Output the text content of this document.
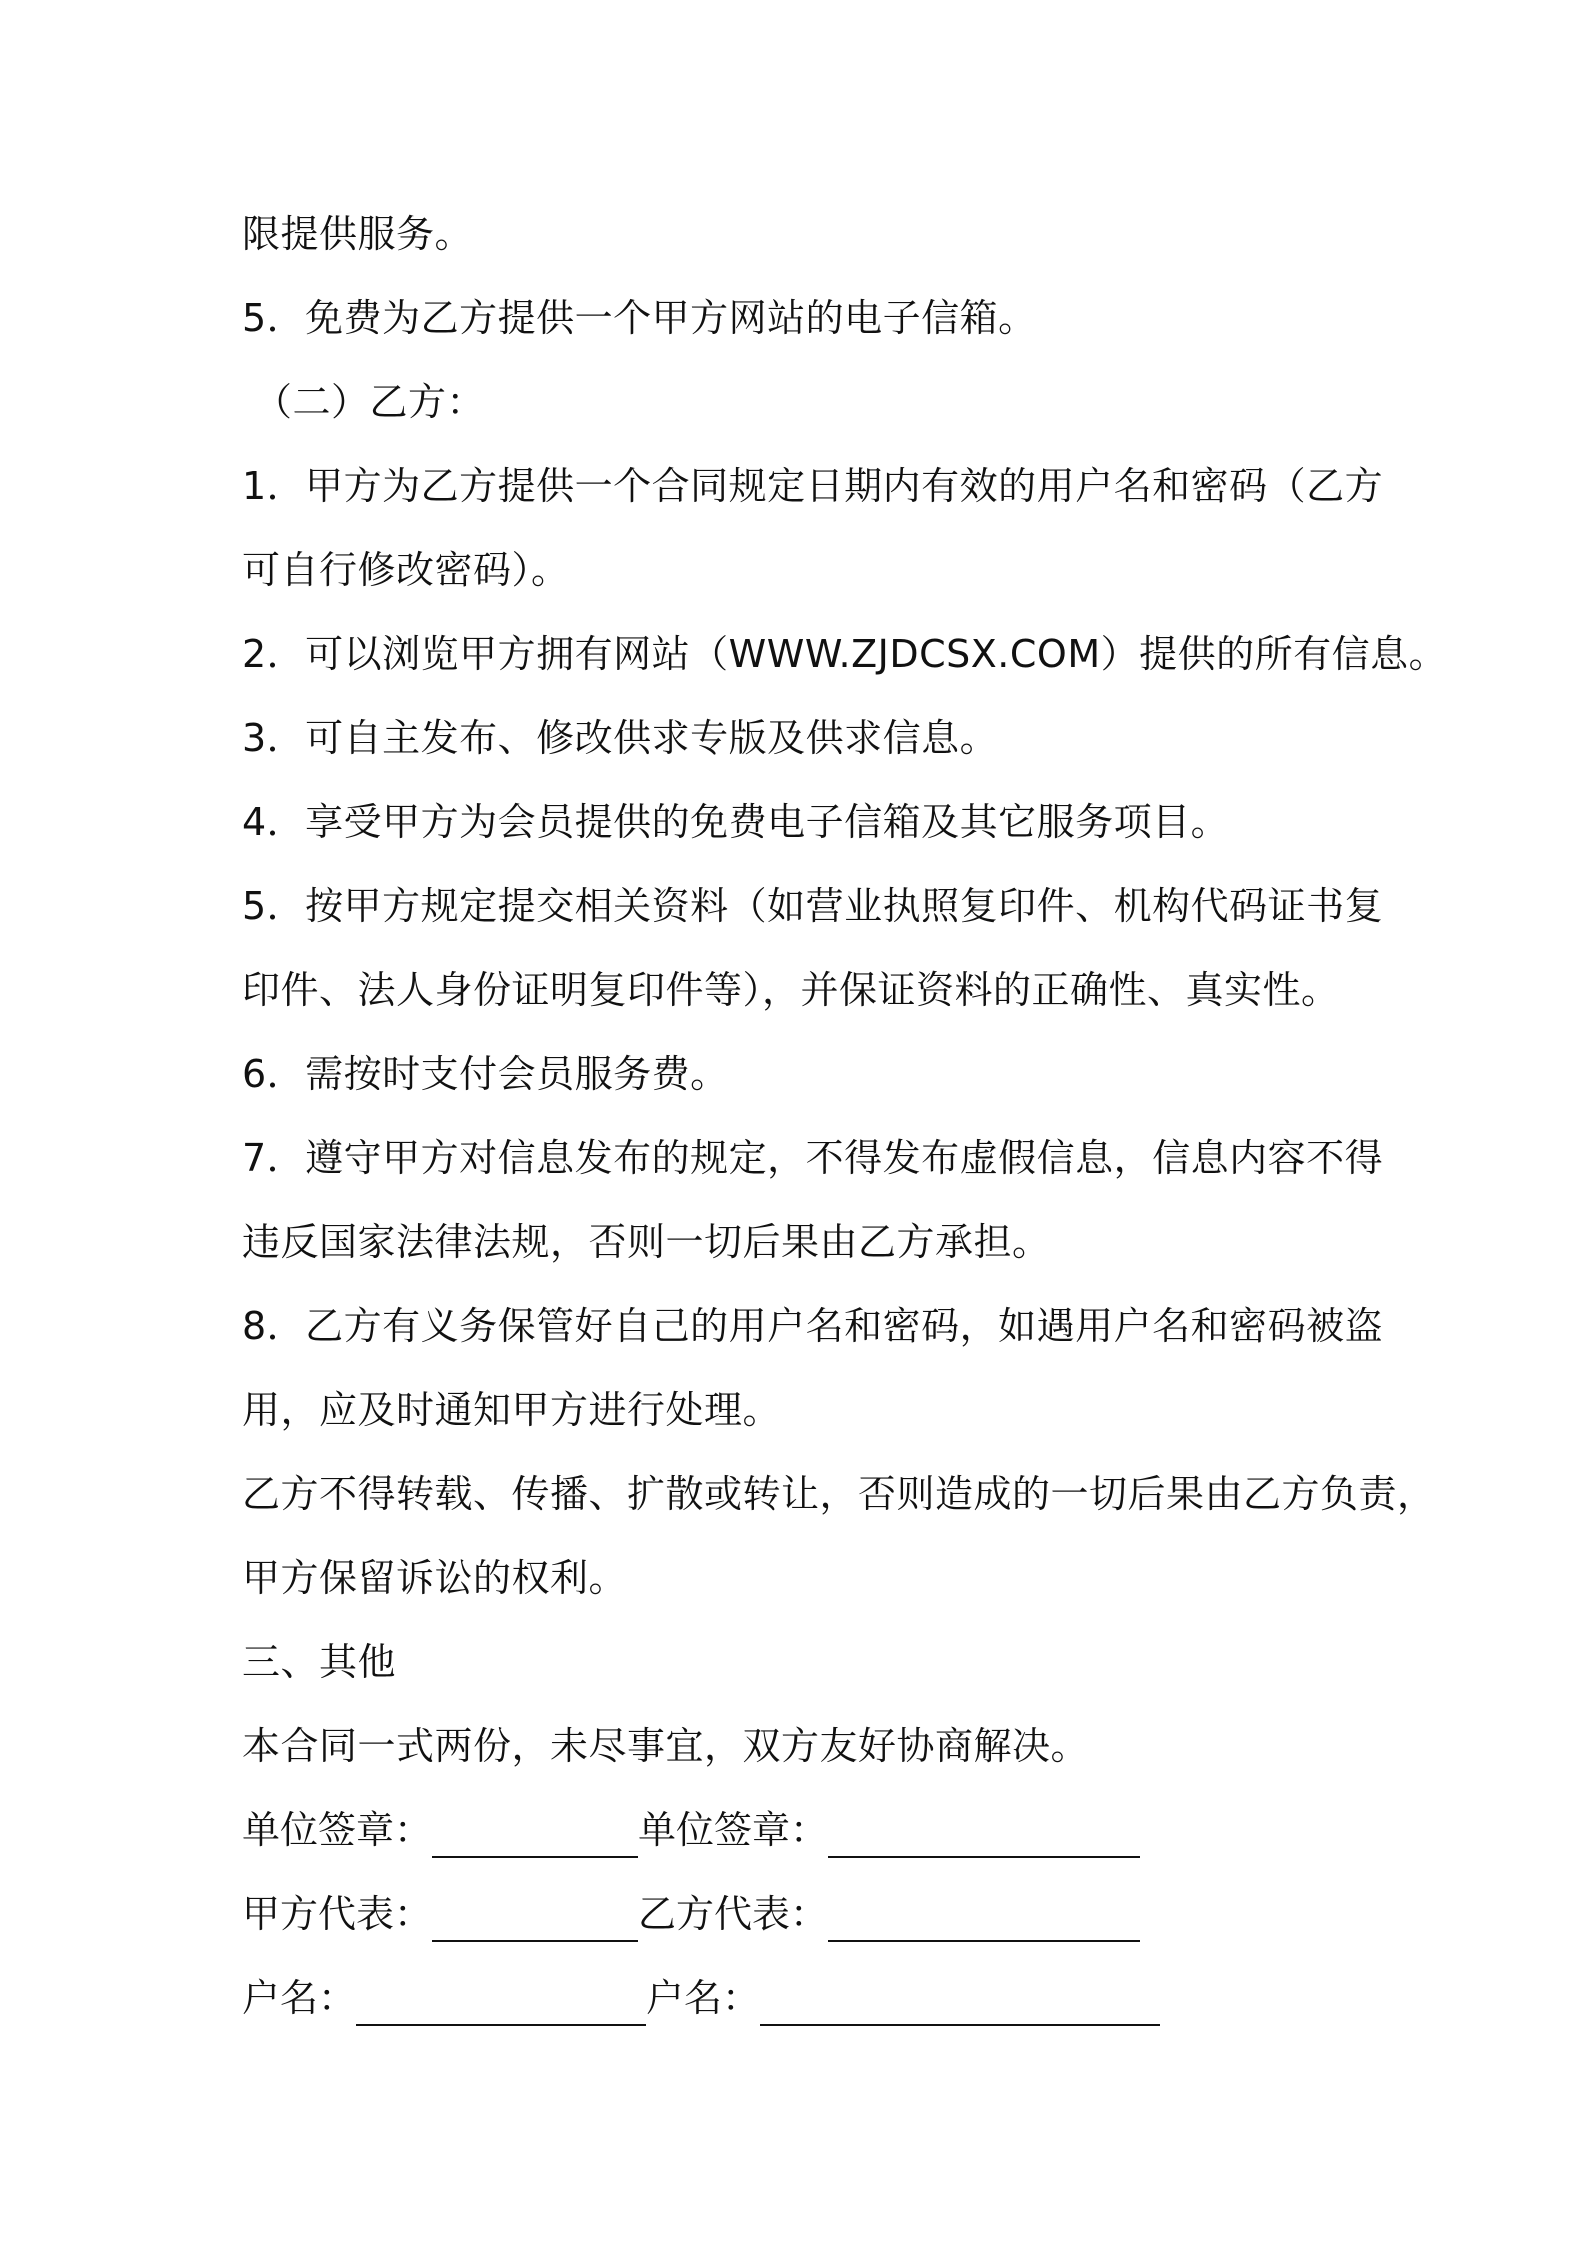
限提供服务。
5．免费为乙方提供一个甲方网站的电子信箱。
（二）乙方：
1．甲方为乙方提供一个合同规定日期内有效的用户名和密码（乙方
可自行修改密码）。
2．可以浏览甲方拥有网站（WWW.ZJDCSX.COM）提供的所有信息。
3．可自主发布、修改供求专版及供求信息。
4．享受甲方为会员提供的免费电子信箱及其它服务项目。
5．按甲方规定提交相关资料（如营业执照复印件、机构代码证书复
印件、法人身份证明复印件等），并保证资料的正确性、真实性。
6．需按时支付会员服务费。
7．遵守甲方对信息发布的规定，不得发布虚假信息，信息内容不得
违反国家法律法规，否则一切后果由乙方承担。
8．乙方有义务保管好自己的用户名和密码，如遇用户名和密码被盗
用，应及时通知甲方进行处理。
乙方不得转载、传播、扩散或转让，否则造成的一切后果由乙方负责，
甲方保留诉讼的权利。
三、其他
本合同一式两份，未尽事宜，双方友好协商解决。
单位签章：	单位签章：
甲方代表：	乙方代表：
户名：	户名：
